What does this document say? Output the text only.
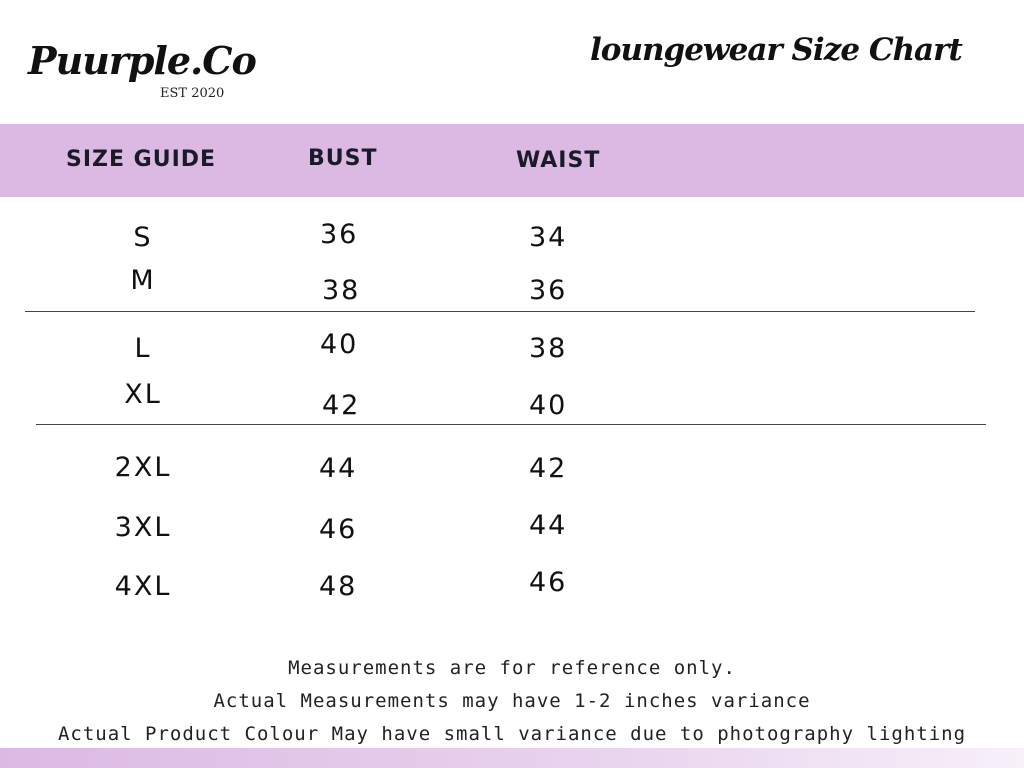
Puurple.Co
EST 2020
loungewear Size Chart
SIZE GUIDE	BUST	WAIST
S	36	34
M	38	36
L	40	38
XL	42	40
2XL	44	42
3XL	46	44
4XL	48	46
Measurements are for reference only.
Actual Measurements may have 1-2 inches variance
Actual Product Colour May have small variance due to photography lighting
